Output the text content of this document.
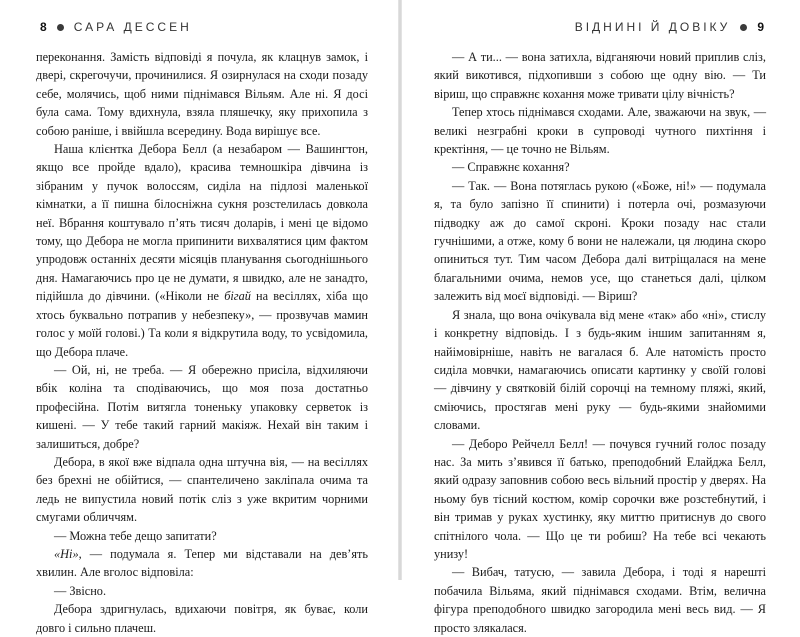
8 САРА ДЕССЕН

переконання. Замість відповіді я почула, як клацнув замок, і двері, скрегочучи, прочинилися. Я озирнулася на сходи позаду себе, молячись, щоб ними піднімався Вільям. Але ні. Я досі була сама. Тому вдихнула, взяла пляшечку, яку прихопила з собою раніше, і ввійшла всередину. Вода вирішує все.

Наша клієнтка Дебора Белл (а незабаром — Вашингтон, якщо все пройде вдало), красива темношкіра дівчина із зібраним у пучок волоссям, сиділа на підлозі маленької кімнатки, а її пишна білосніжна сукня розстелилась довкола неї. Вбрання коштувало п’ять тисяч доларів, і мені це відомо тому, що Дебора не могла припинити вихвалятися цим фактом упродовж останніх десяти місяців планування сьогоднішнього дня. Намагаючись про це не думати, я швидко, але не занадто, підійшла до дівчини. («Ніколи не бігай на весіллях, хіба що хтось буквально потрапив у небезпеку», — прозвучав мамин голос у моїй голові.) Та коли я відкрутила воду, то усвідомила, що Дебора плаче.

— Ой, ні, не треба. — Я обережно присіла, відхиляючи вбік коліна та сподіваючись, що моя поза достатньо професійна. Потім витягла тоненьку упаковку серветок із кишені. — У тебе такий гарний макіяж. Нехай він таким і залишиться, добре?

Дебора, в якої вже відпала одна штучна вія, — на весіллях без брехні не обійтися, — спантеличено закліпала очима та ледь не випустила новий потік сліз з уже вкритим чорними смугами обличчям.

— Можна тебе дещо запитати?

«Ні», — подумала я. Тепер ми відставали на дев’ять хвилин. Але вголос відповіла:

— Звісно.

Дебора здригнулась, вдихаючи повітря, як буває, коли довго і сильно плачеш.

ВІДНИНІ Й ДОВІКУ 9

— А ти... — вона затихла, відганяючи новий приплив сліз, який викотився, підхопивши з собою ще одну вію. — Ти віриш, що справжнє кохання може тривати цілу вічність?

Тепер хтось піднімався сходами. Але, зважаючи на звук, — великі незграбні кроки в супроводі чутного пихтіння і кректіння, — це точно не Вільям.

— Справжнє кохання?

— Так. — Вона потяглась рукою («Боже, ні!» — подумала я, та було запізно її спинити) і потерла очі, розмазуючи підводку аж до самої скроні. Кроки позаду нас стали гучнішими, а отже, кому б вони не належали, ця людина скоро опиниться тут. Тим часом Дебора далі витріщалася на мене благальними очима, немов усе, що станеться далі, цілком залежить від моєї відповіді. — Віриш?

Я знала, що вона очікувала від мене «так» або «ні», стислу і конкретну відповідь. І з будь-яким іншим запитанням я, найімовірніше, навіть не вагалася б. Але натомість просто сиділа мовчки, намагаючись описати картинку у своїй голові — дівчину у святковій білій сорочці на темному пляжі, який, сміючись, простягав мені руку — будь-якими знайомими словами.

— Деборо Рейчелл Белл! — почувся гучний голос позаду нас. За мить з’явився її батько, преподобний Елайджа Белл, який одразу заповнив собою весь вільний простір у дверях. На ньому був тісний костюм, комір сорочки вже розстебнутий, і він тримав у руках хустинку, яку миттю притиснув до свого спітнілого чола. — Що це ти робиш? На тебе всі чекають унизу!

— Вибач, татусю, — завила Дебора, і тоді я нарешті побачила Вільяма, який піднімався сходами. Втім, велична фігура преподобного швидко загородила мені весь вид. — Я просто злякалася.
